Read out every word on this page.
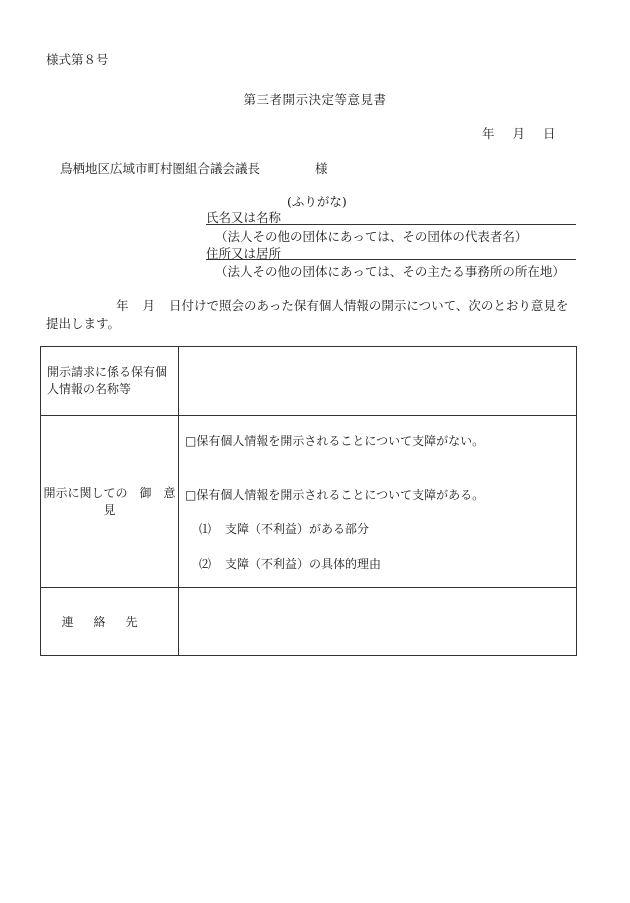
様式第８号
第三者開示決定等意見書
年 月 日
鳥栖地区広域市町村圏組合議会議長	様
(ふりがな)
氏名又は名称
（法人その他の団体にあっては、その団体の代表者名）
住所又は居所
（法人その他の団体にあっては、その主たる事務所の所在地）
年 月 日付けで照会のあった保有個人情報の開示について、次のとおり意見を提出します。
開示請求に係る保有個人情報の名称等	
開示に関しての　御　意　見	□保有個人情報を開示されることについて支障がない。
□保有個人情報を開示されることについて支障がある。
⑴ 支障（不利益）がある部分
⑵ 支障（不利益）の具体的理由

連絡先	
